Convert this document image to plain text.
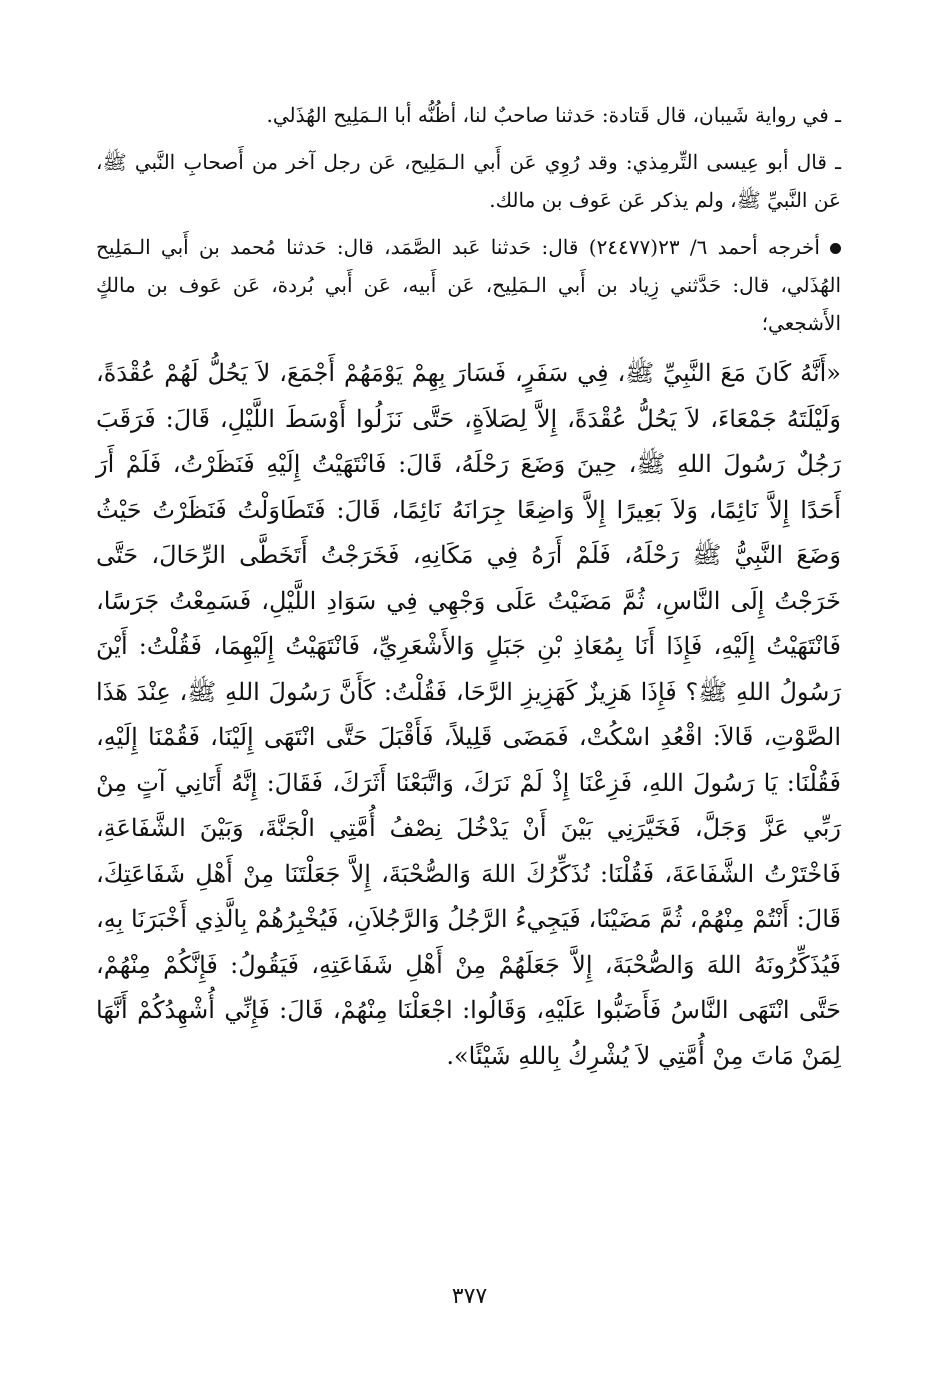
ـ في رواية شَيبان، قال قَتادة: حَدثنا صاحبٌ لنا، أظُنُّه أبا الـمَلِيح الهُذَلي.

ـ قال أبو عِيسى التِّرمِذي: وقد رُوِي عَن أَبي الـمَلِيح، عَن رجل آخر من أَصحابِ النَّبي ﷺ، عَن النَّبيِّ ﷺ، ولم يذكر عَن عَوف بن مالك.

أخرجه أحمد ٦/ ٢٣(٢٤٤٧٧) قال: حَدثنا عَبد الصَّمَد، قال: حَدثنا مُحمد بن أَبي الـمَلِيح الهُذَلي، قال: حَدَّثني زِياد بن أَبي الـمَلِيح، عَن أَبيه، عَن أَبي بُردة، عَن عَوف بن مالكٍ الأَشجعي؛

«أَنَّهُ كَانَ مَعَ النَّبِيِّ ﷺ، فِي سَفَرٍ، فَسَارَ بِهِمْ يَوْمَهُمْ أَجْمَعَ، لاَ يَحُلُّ لَهُمْ عُقْدَةً، وَلَيْلَتَهُ جَمْعَاءَ، لاَ يَحُلُّ عُقْدَةً، إِلاَّ لِصَلاَةٍ، حَتَّى نَزَلُوا أَوْسَطَ اللَّيْلِ، قَالَ: فَرَقَبَ رَجُلٌ رَسُولَ اللهِ ﷺ، حِينَ وَضَعَ رَحْلَهُ، قَالَ: فَانْتَهَيْتُ إِلَيْهِ فَنَظَرْتُ، فَلَمْ أَرَ أَحَدًا إِلاَّ نَائِمًا، وَلاَ بَعِيرًا إِلاَّ وَاضِعًا جِرَانَهُ نَائِمًا، قَالَ: فَتَطَاوَلْتُ فَنَظَرْتُ حَيْثُ وَضَعَ النَّبِيُّ ﷺ رَحْلَهُ، فَلَمْ أَرَهُ فِي مَكَانِهِ، فَخَرَجْتُ أَتَخَطَّى الرِّحَالَ، حَتَّى خَرَجْتُ إِلَى النَّاسِ، ثُمَّ مَضَيْتُ عَلَى وَجْهِي فِي سَوَادِ اللَّيْلِ، فَسَمِعْتُ جَرَسًا، فَانْتَهَيْتُ إِلَيْهِ، فَإِذَا أَنَا بِمُعَاذِ بْنِ جَبَلٍ وَالأَشْعَرِيِّ، فَانْتَهَيْتُ إِلَيْهِمَا، فَقُلْتُ: أَيْنَ رَسُولُ اللهِ ﷺ؟ فَإِذَا هَزِيزٌ كَهَزِيزِ الرَّحَا، فَقُلْتُ: كَأَنَّ رَسُولَ اللهِ ﷺ، عِنْدَ هَذَا الصَّوْتِ، قَالاَ: اقْعُدِ اسْكُتْ، فَمَضَى قَلِيلاً، فَأَقْبَلَ حَتَّى انْتَهَى إِلَيْنَا، فَقُمْنَا إِلَيْهِ، فَقُلْنَا: يَا رَسُولَ اللهِ، فَزِعْنَا إِذْ لَمْ نَرَكَ، وَاتَّبَعْنَا أَثَرَكَ، فَقَالَ: إِنَّهُ أَتَانِي آتٍ مِنْ رَبِّي عَزَّ وَجَلَّ، فَخَيَّرَنِي بَيْنَ أَنْ يَدْخُلَ نِصْفُ أُمَّتِي الْجَنَّةَ، وَبَيْنَ الشَّفَاعَةِ، فَاخْتَرْتُ الشَّفَاعَةَ، فَقُلْنَا: نُذَكِّرُكَ اللهَ وَالصُّحْبَةَ، إِلاَّ جَعَلْتَنَا مِنْ أَهْلِ شَفَاعَتِكَ، قَالَ: أَنْتُمْ مِنْهُمْ، ثُمَّ مَضَيْنَا، فَيَجِيءُ الرَّجُلُ وَالرَّجُلاَنِ، فَيُخْبِرُهُمْ بِالَّذِي أَخْبَرَنَا بِهِ، فَيُذَكِّرُونَهُ اللهَ وَالصُّحْبَةَ، إِلاَّ جَعَلَهُمْ مِنْ أَهْلِ شَفَاعَتِهِ، فَيَقُولُ: فَإِنَّكُمْ مِنْهُمْ، حَتَّى انْتَهَى النَّاسُ فَأَضَبُّوا عَلَيْهِ، وَقَالُوا: اجْعَلْنَا مِنْهُمْ، قَالَ: فَإِنِّي أُشْهِدُكُمْ أَنَّهَا لِمَنْ مَاتَ مِنْ أُمَّتِي لاَ يُشْرِكُ بِاللهِ شَيْئًا».

٣٧٧
